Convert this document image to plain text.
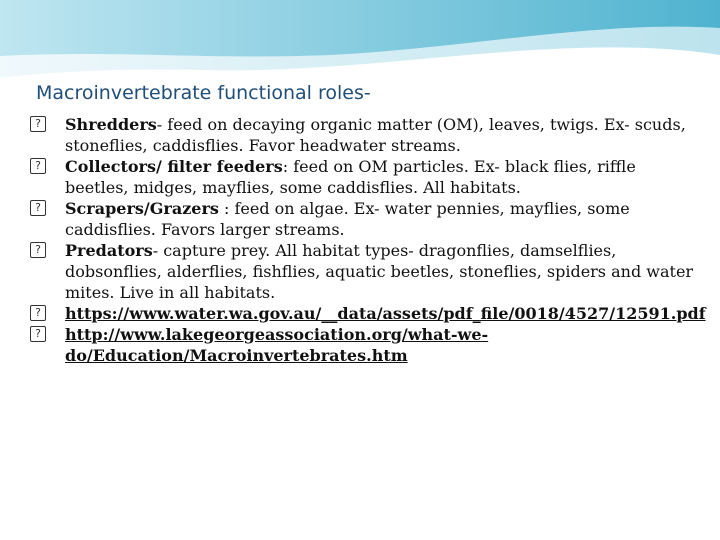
Macroinvertebrate functional roles-
?	Shredders- feed on decaying organic matter (OM), leaves, twigs. Ex- scuds, stoneflies, caddisflies. Favor headwater streams.
?	Collectors/ filter feeders: feed on OM particles. Ex- black flies, riffle beetles, midges, mayflies, some caddisflies. All habitats.
?	Scrapers/Grazers : feed on algae. Ex- water pennies, mayflies, some caddisflies. Favors larger streams.
?	Predators- capture prey. All habitat types- dragonflies, damselflies, dobsonflies, alderflies, fishflies, aquatic beetles, stoneflies, spiders and water mites. Live in all habitats.
?	https://www.water.wa.gov.au/__data/assets/pdf_file/0018/4527/12591.pdf
?	http://www.lakegeorgeassociation.org/what-we-do/Education/Macroinvertebrates.htm
